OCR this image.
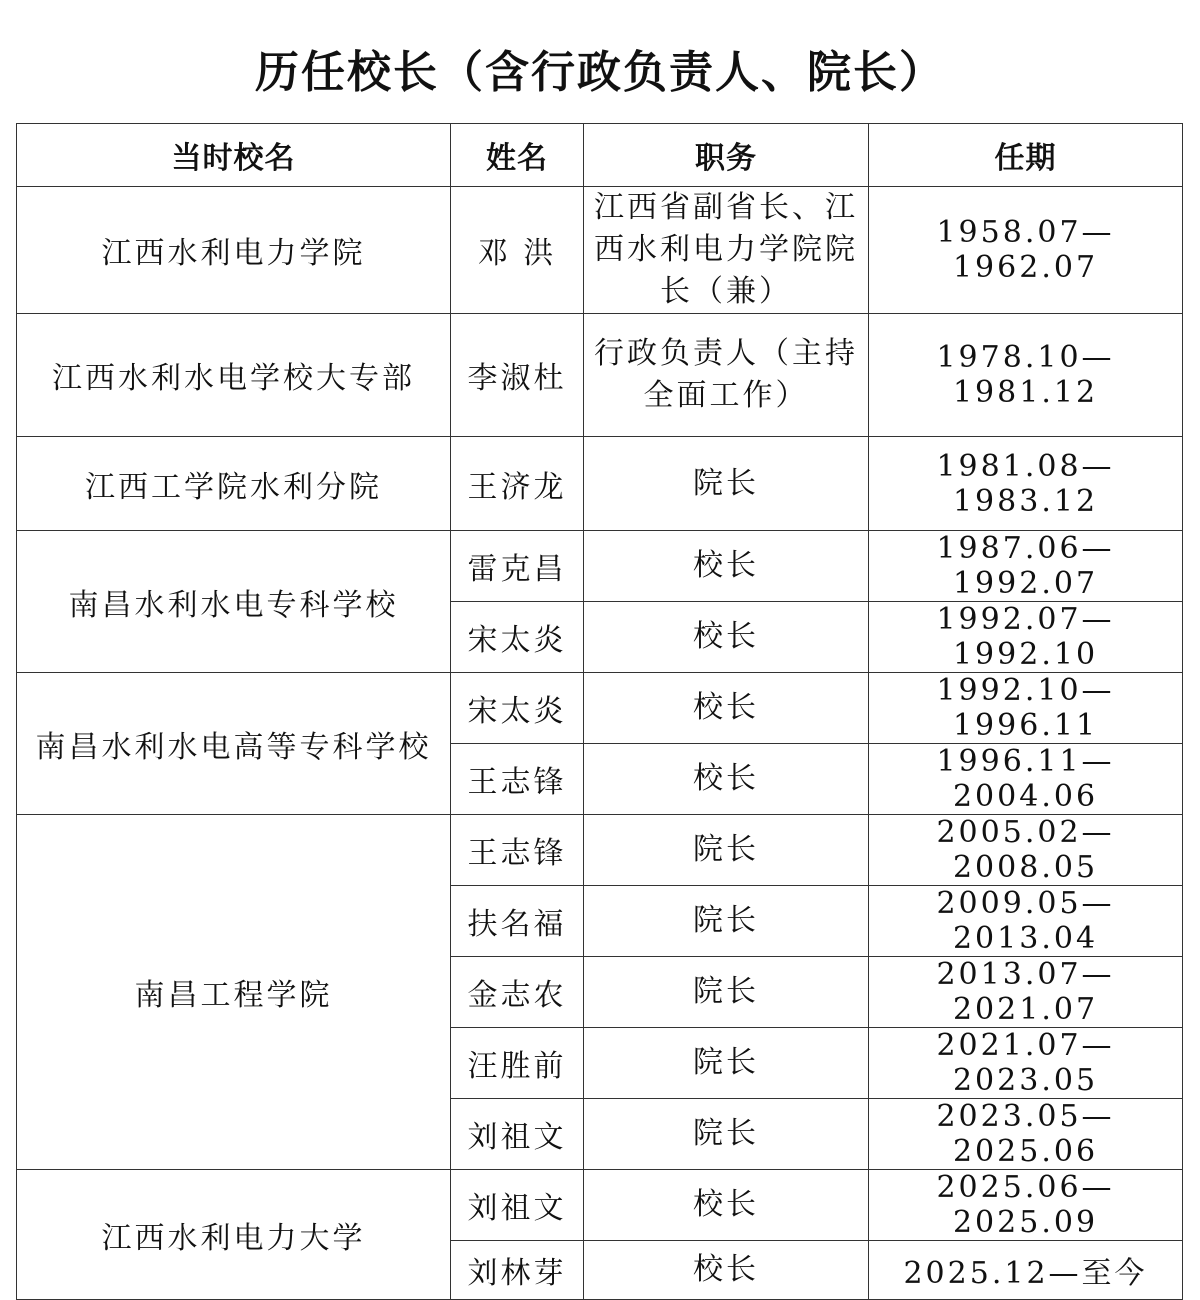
历任校长（含行政负责人、院长）
当时校名	姓名	职务	任期
江西水利电力学院	邓 洪	江西省副省长、江西水利电力学院院长（兼）	1958.07—1962.07
江西水利水电学校大专部	李淑杜	行政负责人（主持全面工作）	1978.10—1981.12
江西工学院水利分院	王济龙	院长	1981.08—1983.12
南昌水利水电专科学校	雷克昌	校长	1987.06—1992.07
	宋太炎	校长	1992.07—1992.10
南昌水利水电高等专科学校	宋太炎	校长	1992.10—1996.11
	王志锋	校长	1996.11—2004.06
南昌工程学院	王志锋	院长	2005.02—2008.05
	扶名福	院长	2009.05—2013.04
	金志农	院长	2013.07—2021.07
	汪胜前	院长	2021.07—2023.05
	刘祖文	院长	2023.05—2025.06
江西水利电力大学	刘祖文	校长	2025.06—2025.09
	刘林芽	校长	2025.12—至今
